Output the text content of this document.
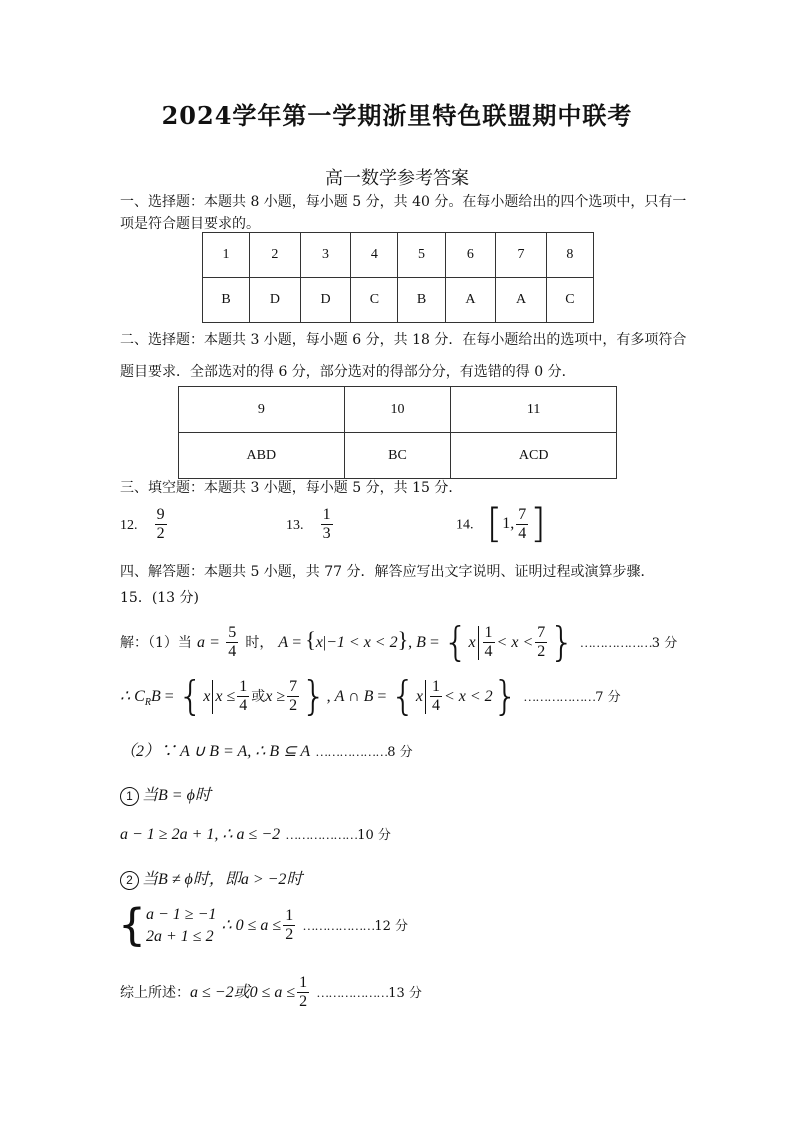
2024学年第一学期浙里特色联盟期中联考
高一数学参考答案
一、选择题：本题共 8 小题，每小题 5 分，共 40 分。在每小题给出的四个选项中，只有一
项是符合题目要求的。
1	2	3	4	5	6	7	8
B	D	D	C	B	A	A	C
二、选择题：本题共 3 小题，每小题 6 分，共 18 分．在每小题给出的选项中，有多项符合
题目要求．全部选对的得 6 分，部分选对的得部分分，有选错的得 0 分．
9	10	11
ABD	BC	ACD
三、填空题：本题共 3 小题，每小题 5 分，共 15 分．
12. $\frac{9}{2}$	13. $\frac{1}{3}$	14. [1, $\frac{7}{4}$ ]
四、解答题：本题共 5 小题，共 77 分．解答应写出文字说明、证明过程或演算步骤．
15．(13 分)
解：（1）当 $a = \frac{5}{4}$ 时， A = {x|−1 < x < 2}, $B = \{x \frac{1}{4} < x < \frac{7}{2}$ } ………………3 分
∴ $C_RB = \{x$ $x \le \frac{1}{4}$ 或$x \ge \frac{7}{2}$ }, A ∩ $B = \{x \frac{1}{4} < x < 2\}$ ………………7 分
（2）∵ A ∪ B = A, ∴ B ⊆ A ………………8 分
1 当B = ϕ时
a − 1 ≥ 2a + 1, ∴ a ≤ −2 ………………10 分
2 当B ≠ ϕ时，即a > −2时
{ a − 1 ≥ −1
2a + 1 ≤ 2
∴ $0 \le a \le \frac{1}{2}$ ………………12 分
综上所述：a ≤ −2或$0 \le a \le \frac{1}{2}$ ………………13 分
